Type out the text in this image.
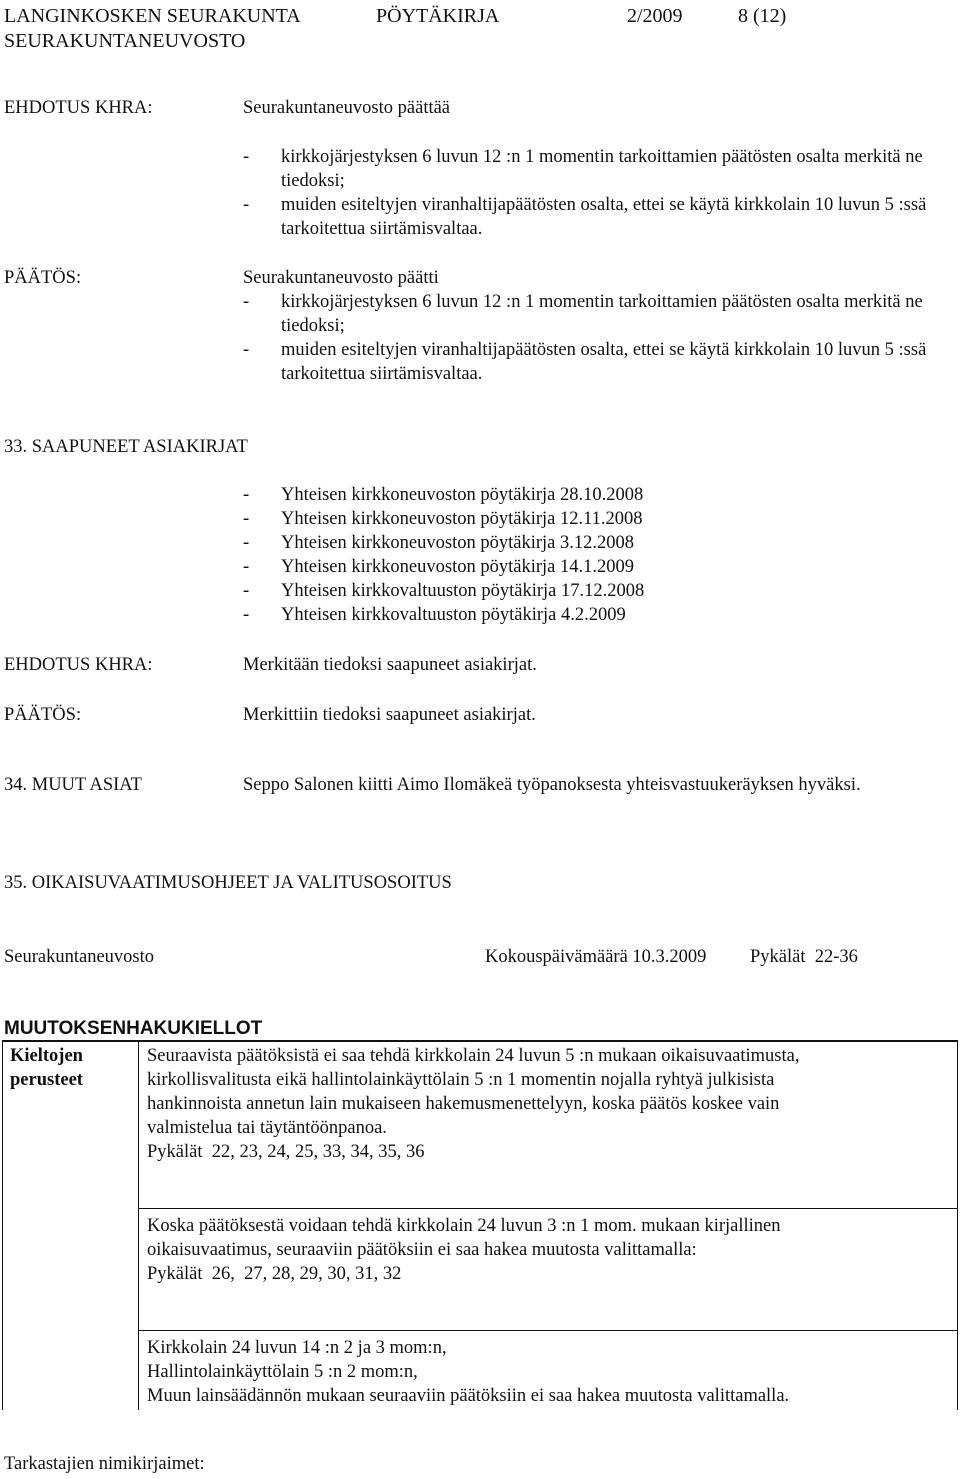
LANGINKOSKEN SEURAKUNTA	PÖYTÄKIRJA	2/2009	8 (12)
SEURAKUNTANEUVOSTO
EHDOTUS KHRA:	Seurakuntaneuvosto päättää
- kirkkojärjestyksen 6 luvun 12 :n 1 momentin tarkoittamien päätösten osalta merkitä ne tiedoksi;
- muiden esiteltyjen viranhaltijapäätösten osalta, ettei se käytä kirkkolain 10 luvun 5 :ssä tarkoitettua siirtämisvaltaa.
PÄÄTÖS:	Seurakuntaneuvosto päätti
- kirkkojärjestyksen 6 luvun 12 :n 1 momentin tarkoittamien päätösten osalta merkitä ne tiedoksi;
- muiden esiteltyjen viranhaltijapäätösten osalta, ettei se käytä kirkkolain 10 luvun 5 :ssä tarkoitettua siirtämisvaltaa.
33. SAAPUNEET ASIAKIRJAT
- Yhteisen kirkkoneuvoston pöytäkirja 28.10.2008
- Yhteisen kirkkoneuvoston pöytäkirja 12.11.2008
- Yhteisen kirkkoneuvoston pöytäkirja 3.12.2008
- Yhteisen kirkkoneuvoston pöytäkirja 14.1.2009
- Yhteisen kirkkovaltuuston pöytäkirja 17.12.2008
- Yhteisen kirkkovaltuuston pöytäkirja 4.2.2009
EHDOTUS KHRA:	Merkitään tiedoksi saapuneet asiakirjat.
PÄÄTÖS:	Merkittiin tiedoksi saapuneet asiakirjat.
34. MUUT ASIAT	Seppo Salonen kiitti Aimo Ilomäkeä työpanoksesta yhteisvastuukeräyksen hyväksi.
35. OIKAISUVAATIMUSOHJEET JA VALITUSOSOITUS
Seurakuntaneuvosto	Kokouspäivämäärä 10.3.2009 Pykälät  22-36
MUUTOKSENHAKUKIELLOT
Kieltojen
perusteet
Seuraavista päätöksistä ei saa tehdä kirkkolain 24 luvun 5 :n mukaan oikaisuvaatimusta,
kirkollisvalitusta eikä hallintolainkäyttölain 5 :n 1 momentin nojalla ryhtyä julkisista
hankinnoista annetun lain mukaiseen hakemusmenettelyyn, koska päätös koskee vain
valmistelua tai täytäntöönpanoa.
Pykälät  22, 23, 24, 25, 33, 34, 35, 36
Koska päätöksestä voidaan tehdä kirkkolain 24 luvun 3 :n 1 mom. mukaan kirjallinen
oikaisuvaatimus, seuraaviin päätöksiin ei saa hakea muutosta valittamalla:
Pykälät  26,  27, 28, 29, 30, 31, 32
Kirkkolain 24 luvun 14 :n 2 ja 3 mom:n,
Hallintolainkäyttölain 5 :n 2 mom:n,
Muun lainsäädännön mukaan seuraaviin päätöksiin ei saa hakea muutosta valittamalla.
Tarkastajien nimikirjaimet:
